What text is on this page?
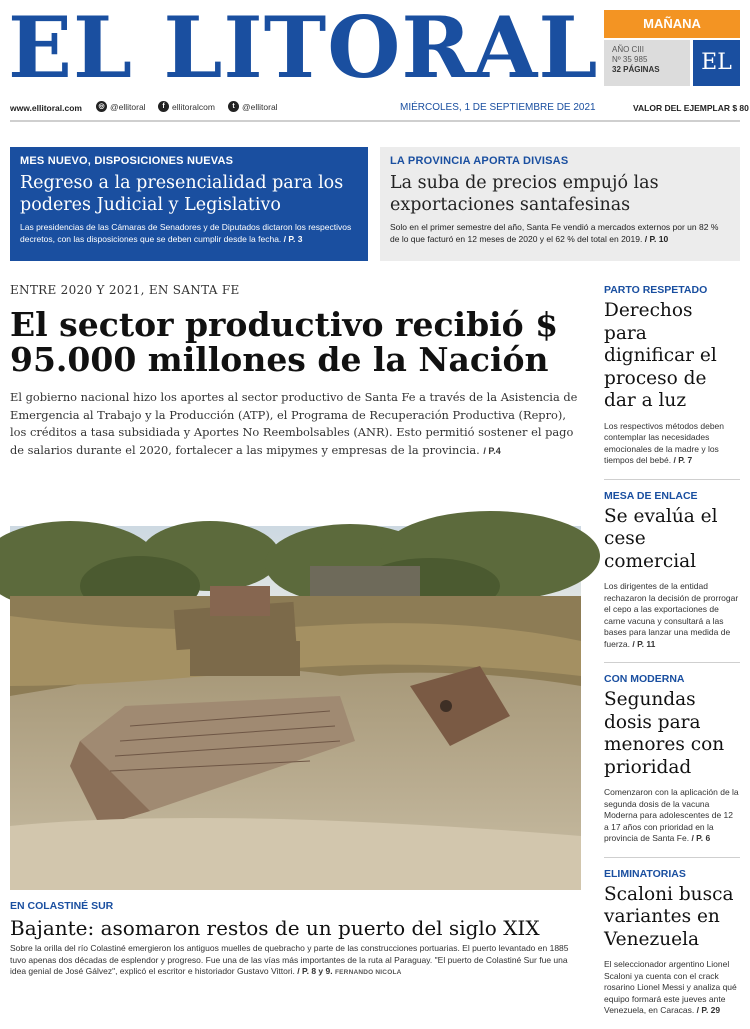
EL LITORAL	MAÑANA
AÑO CIII
Nº 35 985
32 PÁGINAS	EL
www.ellitoral.com	◎ @ellitoral	f ellitoralcom	t @ellitoral	MIÉRCOLES, 1 DE SEPTIEMBRE DE 2021	VALOR DEL EJEMPLAR $ 80
MES NUEVO, DISPOSICIONES NUEVAS
Regreso a la presencialidad para los poderes Judicial y Legislativo
Las presidencias de las Cámaras de Senadores y de Diputados dictaron los respectivos decretos, con las disposiciones que se deben cumplir desde la fecha. / P. 3
LA PROVINCIA APORTA DIVISAS
La suba de precios empujó las exportaciones santafesinas
Solo en el primer semestre del año, Santa Fe vendió a mercados externos por un 82 % de lo que facturó en 12 meses de 2020 y el 62 % del total en 2019. / P. 10
ENTRE 2020 Y 2021, EN SANTA FE
El sector productivo recibió $ 95.000 millones de la Nación
El gobierno nacional hizo los aportes al sector productivo de Santa Fe a través de la Asistencia de Emergencia al Trabajo y la Producción (ATP), el Programa de Recuperación Productiva (Repro), los créditos a tasa subsidiada y Aportes No Reembolsables (ANR). Esto permitió sostener el pago de salarios durante el 2020, fortalecer a las mipymes y empresas de la provincia. / P.4
EN COLASTINÉ SUR
Bajante: asomaron restos de un puerto del siglo XIX
Sobre la orilla del río Colastiné emergieron los antiguos muelles de quebracho y parte de las construcciones portuarias. El puerto levantado en 1885 tuvo apenas dos décadas de esplendor y progreso. Fue una de las vías más importantes de la ruta al Paraguay. "El puerto de Colastiné Sur fue una idea genial de José Gálvez", explicó el escritor e historiador Gustavo Vittori. / P. 8 y 9. FERNANDO NICOLA
PARTO RESPETADO
Derechos para dignificar el proceso de dar a luz
Los respectivos métodos deben contemplar las necesidades emocionales de la madre y los tiempos del bebé. / P. 7
MESA DE ENLACE
Se evalúa el cese comercial
Los dirigentes de la entidad rechazaron la decisión de prorrogar el cepo a las exportaciones de carne vacuna y consultará a las bases para lanzar una medida de fuerza. / P. 11
CON MODERNA
Segundas dosis para menores con prioridad
Comenzaron con la aplicación de la segunda dosis de la vacuna Moderna para adolescentes de 12 a 17 años con prioridad en la provincia de Santa Fe. / P. 6
ELIMINATORIAS
Scaloni busca variantes en Venezuela
El seleccionador argentino Lionel Scaloni ya cuenta con el crack rosarino Lionel Messi y analiza qué equipo formará este jueves ante Venezuela, en Caracas. / P. 29
